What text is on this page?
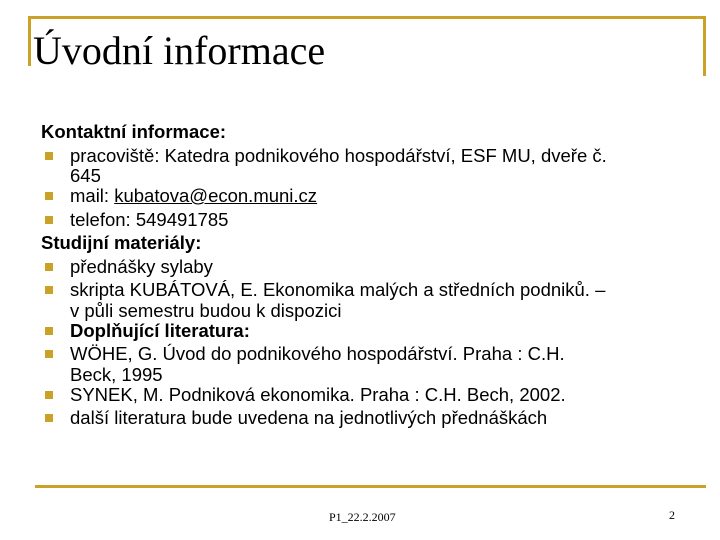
Úvodní informace

Kontaktní informace:

pracoviště: Katedra podnikového hospodářství, ESF MU, dveře č.
645
mail: kubatova@econ.muni.cz
telefon: 549491785

Studijní materiály:

přednášky sylaby
skripta KUBÁTOVÁ, E. Ekonomika malých a středních podniků. –
v půli semestru budou k dispozici
Doplňující literatura:
WÖHE, G. Úvod do podnikového hospodářství. Praha : C.H.
Beck, 1995
SYNEK, M. Podniková ekonomika. Praha : C.H. Bech, 2002.
další literatura bude uvedena na jednotlivých přednáškách
P1_22.2.2007	2
